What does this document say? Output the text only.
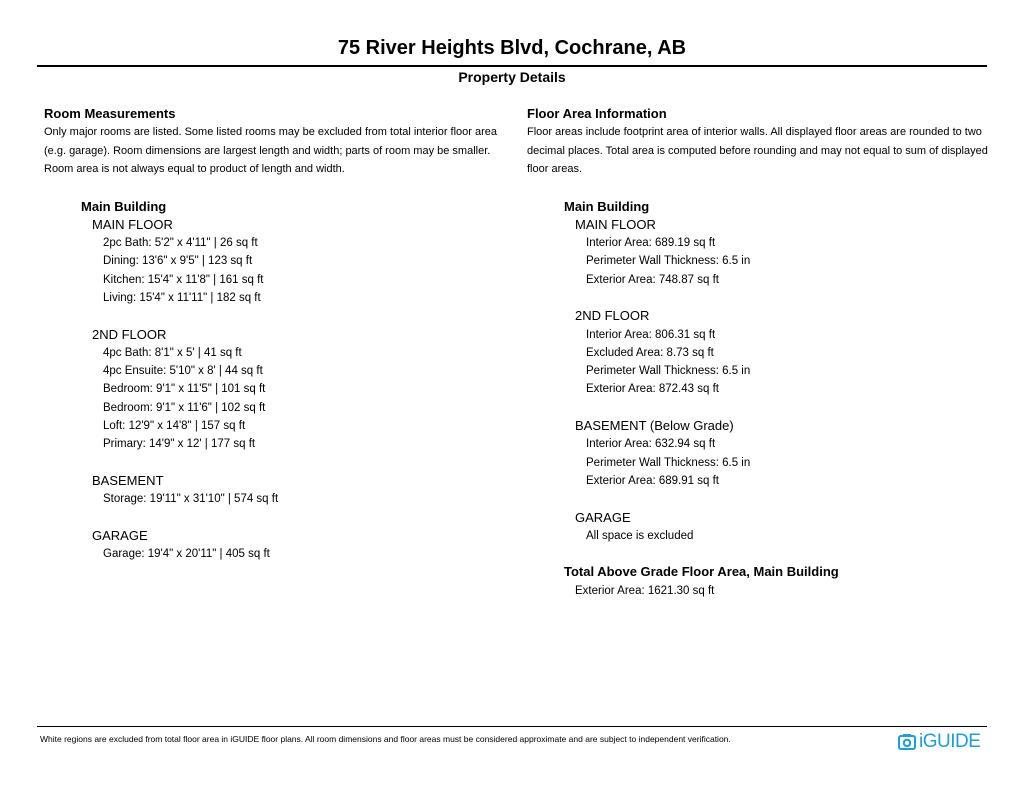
75 River Heights Blvd, Cochrane, AB
Property Details
Room Measurements
Only major rooms are listed. Some listed rooms may be excluded from total interior floor area
(e.g. garage). Room dimensions are largest length and width; parts of room may be smaller.
Room area is not always equal to product of length and width.
Main Building
MAIN FLOOR
2pc Bath: 5'2" x 4'11" | 26 sq ft
Dining: 13'6" x 9'5" | 123 sq ft
Kitchen: 15'4" x 11'8" | 161 sq ft
Living: 15'4" x 11'11" | 182 sq ft
2ND FLOOR
4pc Bath: 8'1" x 5' | 41 sq ft
4pc Ensuite: 5'10" x 8' | 44 sq ft
Bedroom: 9'1" x 11'5" | 101 sq ft
Bedroom: 9'1" x 11'6" | 102 sq ft
Loft: 12'9" x 14'8" | 157 sq ft
Primary: 14'9" x 12' | 177 sq ft
BASEMENT
Storage: 19'11" x 31'10" | 574 sq ft
GARAGE
Garage: 19'4" x 20'11" | 405 sq ft
Floor Area Information
Floor areas include footprint area of interior walls. All displayed floor areas are rounded to two
decimal places. Total area is computed before rounding and may not equal to sum of displayed
floor areas.
Main Building
MAIN FLOOR
Interior Area: 689.19 sq ft
Perimeter Wall Thickness: 6.5 in
Exterior Area: 748.87 sq ft
2ND FLOOR
Interior Area: 806.31 sq ft
Excluded Area: 8.73 sq ft
Perimeter Wall Thickness: 6.5 in
Exterior Area: 872.43 sq ft
BASEMENT (Below Grade)
Interior Area: 632.94 sq ft
Perimeter Wall Thickness: 6.5 in
Exterior Area: 689.91 sq ft
GARAGE
All space is excluded
Total Above Grade Floor Area, Main Building
Exterior Area: 1621.30 sq ft
White regions are excluded from total floor area in iGUIDE floor plans. All room dimensions and floor areas must be considered approximate and are subject to independent verification.	iGUIDE
